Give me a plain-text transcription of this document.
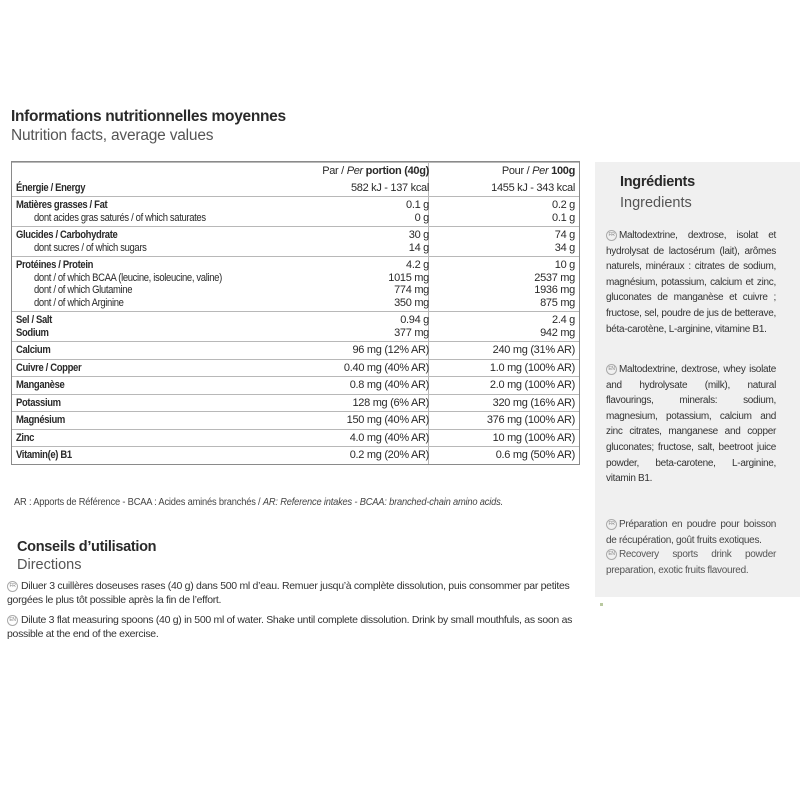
Informations nutritionnelles moyennes
Nutrition facts, average values
Par / Per portion (40g)	Pour / Per 100g
Énergie / Energy	582 kJ - 137 kcal	1455 kJ - 343 kcal
Matières grasses / Fat	0.1 g	0.2 g
dont acides gras saturés / of which saturates	0 g	0.1 g
Glucides / Carbohydrate	30 g	74 g
dont sucres / of which sugars	14 g	34 g
Protéines / Protein	4.2 g	10 g
dont / of which BCAA (leucine, isoleucine, valine)	1015 mg	2537 mg
dont / of which Glutamine	774 mg	1936 mg
dont / of which Arginine	350 mg	875 mg
Sel / Salt	0.94 g	2.4 g
Sodium	377 mg	942 mg
Calcium	96 mg (12% AR)	240 mg (31% AR)
Cuivre / Copper	0.40 mg (40% AR)	1.0 mg (100% AR)
Manganèse	0.8 mg (40% AR)	2.0 mg (100% AR)
Potassium	128 mg (6% AR)	320 mg (16% AR)
Magnésium	150 mg (40% AR)	376 mg (100% AR)
Zinc	4.0 mg (40% AR)	10 mg (100% AR)
Vitamin(e) B1	0.2 mg (20% AR)	0.6 mg (50% AR)
AR : Apports de Référence - BCAA : Acides aminés branchés / AR: Reference intakes - BCAA: branched-chain amino acids.
Conseils d’utilisation
Directions
FR Diluer 3 cuillères doseuses rases (40 g) dans 500 ml d’eau. Remuer jusqu’à complète dissolution, puis consommer par petites gorgées le plus tôt possible après la fin de l’effort.
EN Dilute 3 flat measuring spoons (40 g) in 500 ml of water. Shake until complete dissolution. Drink by small mouthfuls, as soon as possible at the end of the exercise.
Ingrédients
Ingredients
FR Maltodextrine, dextrose, isolat et hydrolysat de lactosérum (lait), arômes naturels, minéraux : citrates de sodium, magnésium, potassium, calcium et zinc, gluconates de manganèse et cuivre ; fructose, sel, poudre de jus de betterave, béta-carotène, L-arginine, vitamine B1.
EN Maltodextrine, dextrose, whey isolate and hydrolysate (milk), natural flavourings, minerals: sodium, magnesium, potassium, calcium and zinc citrates, manganese and copper gluconates; fructose, salt, beetroot juice powder, beta-carotene, L-arginine, vitamin B1.
FR Préparation en poudre pour boisson de récupération, goût fruits exotiques.
EN Recovery sports drink powder preparation, exotic fruits flavoured.
